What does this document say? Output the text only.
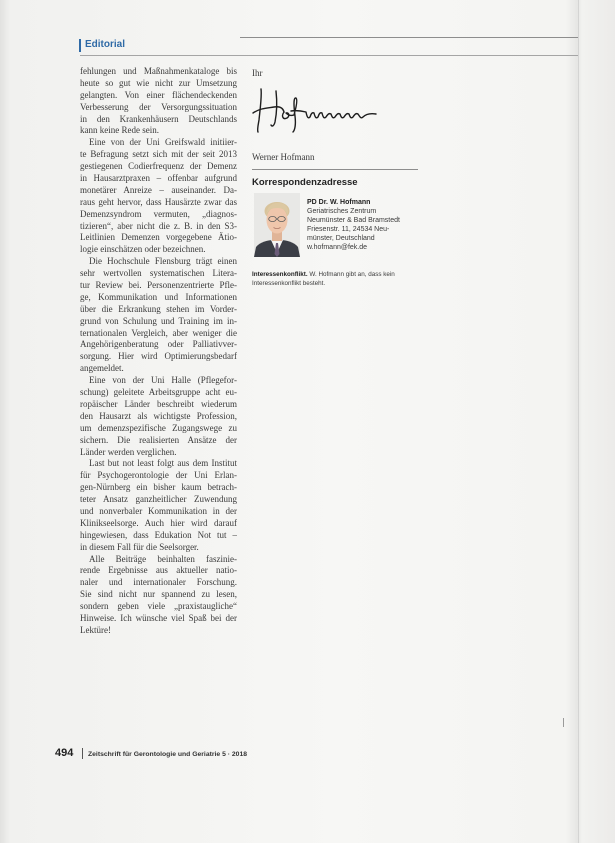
Editorial
fehlungen und Maßnahmenkataloge bis
heute so gut wie nicht zur Umsetzung
gelangten. Von einer flächendeckenden
Verbesserung der Versorgungssituation
in den Krankenhäusern Deutschlands
kann keine Rede sein.
Eine von der Uni Greifswald initiier-
te Befragung setzt sich mit der seit 2013
gestiegenen Codierfrequenz der Demenz
in Hausarztpraxen – offenbar aufgrund
monetärer Anreize – auseinander. Da-
raus geht hervor, dass Hausärzte zwar das
Demenzsyndrom vermuten, „diagnos-
tizieren“, aber nicht die z. B. in den S3-
Leitlinien Demenzen vorgegebene Ätio-
logie einschätzen oder bezeichnen.
Die Hochschule Flensburg trägt einen
sehr wertvollen systematischen Litera-
tur Review bei. Personenzentrierte Pfle-
ge, Kommunikation und Informationen
über die Erkrankung stehen im Vorder-
grund von Schulung und Training im in-
ternationalen Vergleich, aber weniger die
Angehörigenberatung oder Palliativver-
sorgung. Hier wird Optimierungsbedarf
angemeldet.
Eine von der Uni Halle (Pflegefor-
schung) geleitete Arbeitsgruppe acht eu-
ropäischer Länder beschreibt wiederum
den Hausarzt als wichtigste Profession,
um demenzspezifische Zugangswege zu
sichern. Die realisierten Ansätze der
Länder werden verglichen.
Last but not least folgt aus dem Institut
für Psychogerontologie der Uni Erlan-
gen-Nürnberg ein bisher kaum betrach-
teter Ansatz ganzheitlicher Zuwendung
und nonverbaler Kommunikation in der
Klinikseelsorge. Auch hier wird darauf
hingewiesen, dass Edukation Not tut –
in diesem Fall für die Seelsorger.
Alle Beiträge beinhalten faszinie-
rende Ergebnisse aus aktueller natio-
naler und internationaler Forschung.
Sie sind nicht nur spannend zu lesen,
sondern geben viele „praxistaugliche“
Hinweise. Ich wünsche viel Spaß bei der
Lektüre!
Ihr
Werner Hofmann
Korrespondenzadresse
PD Dr. W. Hofmann
Geriatrisches Zentrum
Neumünster & Bad Bramstedt
Friesenstr. 11, 24534 Neu-
münster, Deutschland
w.hofmann@fek.de
Interessenkonflikt. W. Hofmann gibt an, dass kein
Interessenkonflikt besteht.
494 Zeitschrift für Gerontologie und Geriatrie 5 · 2018
